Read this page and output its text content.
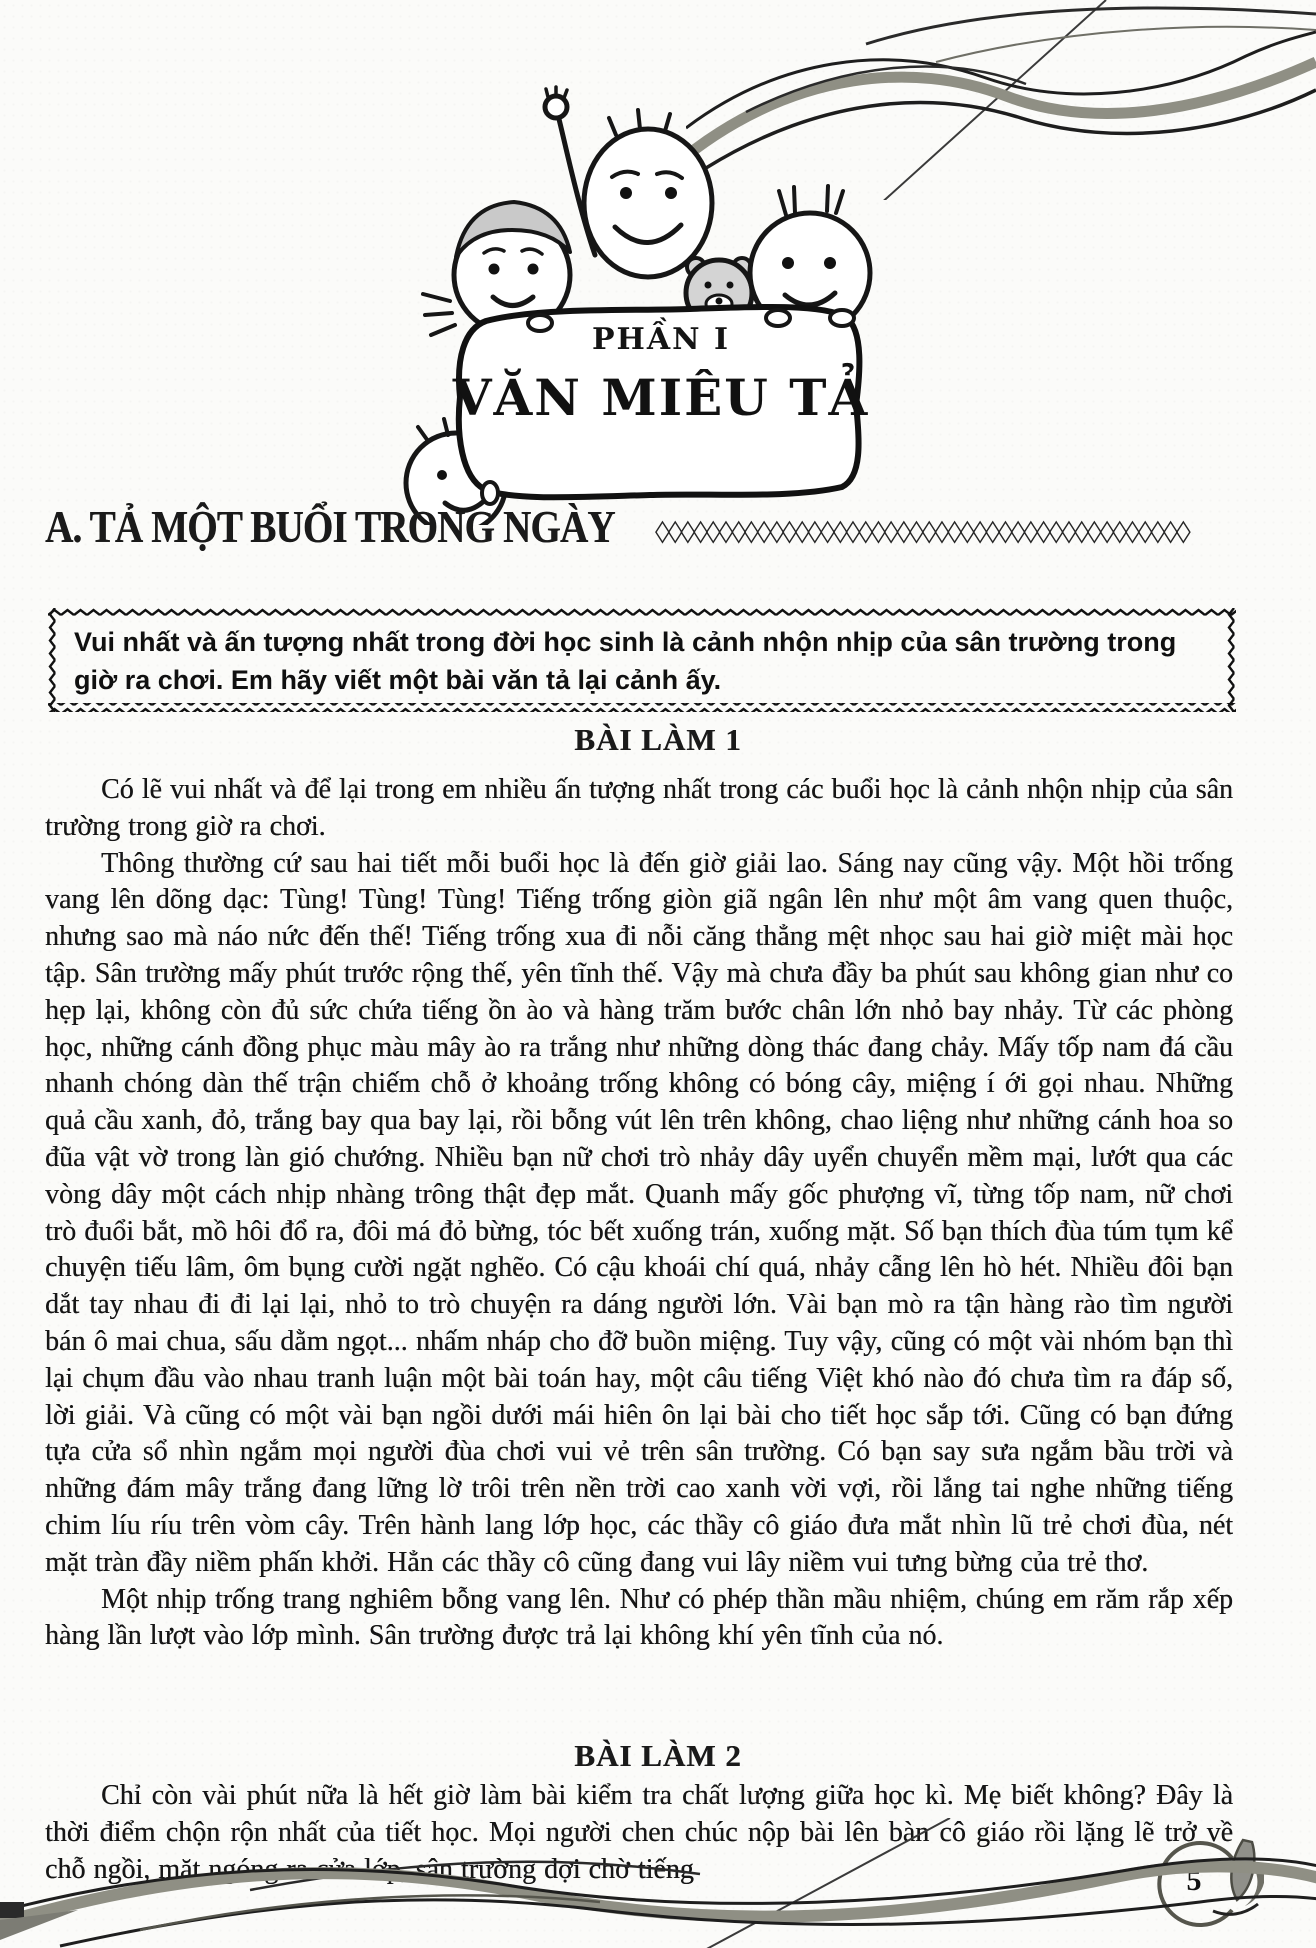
PHẦN I
VĂN MIÊU TẢ
A. TẢ MỘT BUỔI TRONG NGÀY ◊◊◊◊◊◊◊◊◊◊◊◊◊◊◊◊◊◊◊◊◊◊◊◊◊◊◊◊◊◊◊◊◊◊◊◊◊◊◊◊◊◊
Vui nhất và ấn tượng nhất trong đời học sinh là cảnh nhộn nhịp của sân trường trong giờ ra chơi. Em hãy viết một bài văn tả lại cảnh ấy.
BÀI LÀM 1

Có lẽ vui nhất và để lại trong em nhiều ấn tượng nhất trong các buổi học là cảnh nhộn nhịp của sân trường trong giờ ra chơi.

Thông thường cứ sau hai tiết mỗi buổi học là đến giờ giải lao. Sáng nay cũng vậy. Một hồi trống vang lên dõng dạc: Tùng! Tùng! Tùng! Tiếng trống giòn giã ngân lên như một âm vang quen thuộc, nhưng sao mà náo nức đến thế! Tiếng trống xua đi nỗi căng thẳng mệt nhọc sau hai giờ miệt mài học tập. Sân trường mấy phút trước rộng thế, yên tĩnh thế. Vậy mà chưa đầy ba phút sau không gian như co hẹp lại, không còn đủ sức chứa tiếng ồn ào và hàng trăm bước chân lớn nhỏ bay nhảy. Từ các phòng học, những cánh đồng phục màu mây ào ra trắng như những dòng thác đang chảy. Mấy tốp nam đá cầu nhanh chóng dàn thế trận chiếm chỗ ở khoảng trống không có bóng cây, miệng í ới gọi nhau. Những quả cầu xanh, đỏ, trắng bay qua bay lại, rồi bỗng vút lên trên không, chao liệng như những cánh hoa so đũa vật vờ trong làn gió chướng. Nhiều bạn nữ chơi trò nhảy dây uyển chuyển mềm mại, lướt qua các vòng dây một cách nhịp nhàng trông thật đẹp mắt. Quanh mấy gốc phượng vĩ, từng tốp nam, nữ chơi trò đuổi bắt, mồ hôi đổ ra, đôi má đỏ bừng, tóc bết xuống trán, xuống mặt. Số bạn thích đùa túm tụm kể chuyện tiếu lâm, ôm bụng cười ngặt nghẽo. Có cậu khoái chí quá, nhảy cẫng lên hò hét. Nhiều đôi bạn dắt tay nhau đi đi lại lại, nhỏ to trò chuyện ra dáng người lớn. Vài bạn mò ra tận hàng rào tìm người bán ô mai chua, sấu dằm ngọt... nhấm nháp cho đỡ buồn miệng. Tuy vậy, cũng có một vài nhóm bạn thì lại chụm đầu vào nhau tranh luận một bài toán hay, một câu tiếng Việt khó nào đó chưa tìm ra đáp số, lời giải. Và cũng có một vài bạn ngồi dưới mái hiên ôn lại bài cho tiết học sắp tới. Cũng có bạn đứng tựa cửa sổ nhìn ngắm mọi người đùa chơi vui vẻ trên sân trường. Có bạn say sưa ngắm bầu trời và những đám mây trắng đang lững lờ trôi trên nền trời cao xanh vời vợi, rồi lắng tai nghe những tiếng chim líu ríu trên vòm cây. Trên hành lang lớp học, các thầy cô giáo đưa mắt nhìn lũ trẻ chơi đùa, nét mặt tràn đầy niềm phấn khởi. Hẳn các thầy cô cũng đang vui lây niềm vui tưng bừng của trẻ thơ.

Một nhịp trống trang nghiêm bỗng vang lên. Như có phép thần mầu nhiệm, chúng em răm rắp xếp hàng lần lượt vào lớp mình. Sân trường được trả lại không khí yên tĩnh của nó.

BÀI LÀM 2

Chỉ còn vài phút nữa là hết giờ làm bài kiểm tra chất lượng giữa học kì. Mẹ biết không? Đây là thời điểm chộn rộn nhất của tiết học. Mọi người chen chúc nộp bài lên bàn cô giáo rồi lặng lẽ trở về chỗ ngồi, mặt ngóng ra cửa lớp, sân trường đợi chờ tiếng	5
